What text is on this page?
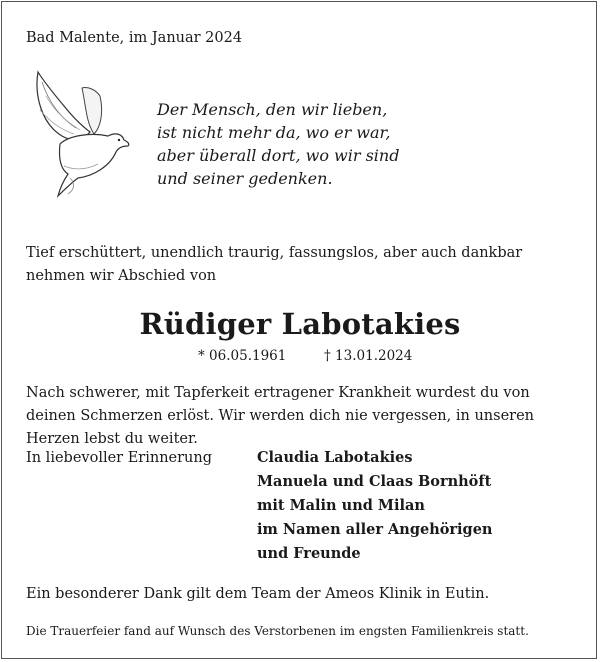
Bad Malente, im Januar 2024
Der Mensch, den wir lieben,
ist nicht mehr da, wo er war,
aber überall dort, wo wir sind
und seiner gedenken.
Tief erschüttert, unendlich traurig, fassungslos, aber auch dankbar nehmen wir Abschied von
Rüdiger Labotakies
* 06.05.1961	† 13.01.2024
Nach schwerer, mit Tapferkeit ertragener Krankheit wurdest du von deinen Schmerzen erlöst. Wir werden dich nie vergessen, in unseren Herzen lebst du weiter.
In liebevoller Erinnerung	Claudia Labotakies
Manuela und Claas Bornhöft
mit Malin und Milan
im Namen aller Angehörigen
und Freunde
Ein besonderer Dank gilt dem Team der Ameos Klinik in Eutin.
Die Trauerfeier fand auf Wunsch des Verstorbenen im engsten Familienkreis statt.
